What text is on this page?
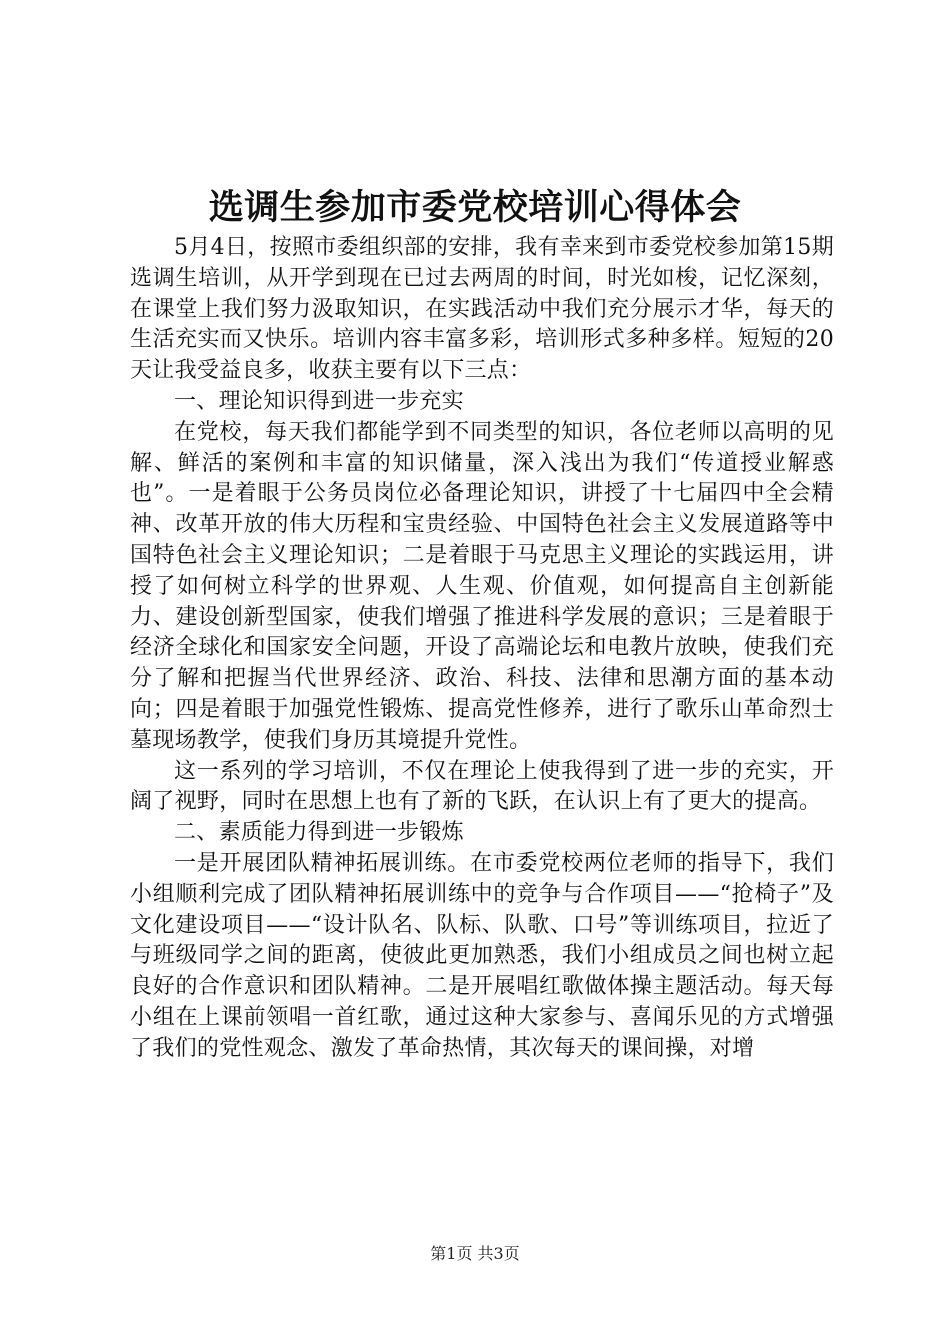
选调生参加市委党校培训心得体会

5月4日，按照市委组织部的安排，我有幸来到市委党校参加第15期选调生培训，从开学到现在已过去两周的时间，时光如梭，记忆深刻，在课堂上我们努力汲取知识，在实践活动中我们充分展示才华，每天的生活充实而又快乐。培训内容丰富多彩，培训形式多种多样。短短的20天让我受益良多，收获主要有以下三点：

一、理论知识得到进一步充实

在党校，每天我们都能学到不同类型的知识，各位老师以高明的见解、鲜活的案例和丰富的知识储量，深入浅出为我们“传道授业解惑也”。一是着眼于公务员岗位必备理论知识，讲授了十七届四中全会精神、改革开放的伟大历程和宝贵经验、中国特色社会主义发展道路等中国特色社会主义理论知识；二是着眼于马克思主义理论的实践运用，讲授了如何树立科学的世界观、人生观、价值观，如何提高自主创新能力、建设创新型国家，使我们增强了推进科学发展的意识；三是着眼于经济全球化和国家安全问题，开设了高端论坛和电教片放映，使我们充分了解和把握当代世界经济、政治、科技、法律和思潮方面的基本动向；四是着眼于加强党性锻炼、提高党性修养，进行了歌乐山革命烈士墓现场教学，使我们身历其境提升党性。

这一系列的学习培训，不仅在理论上使我得到了进一步的充实，开阔了视野，同时在思想上也有了新的飞跃，在认识上有了更大的提高。

二、素质能力得到进一步锻炼

一是开展团队精神拓展训练。在市委党校两位老师的指导下，我们小组顺利完成了团队精神拓展训练中的竞争与合作项目——“抢椅子”及文化建设项目——“设计队名、队标、队歌、口号”等训练项目，拉近了与班级同学之间的距离，使彼此更加熟悉，我们小组成员之间也树立起良好的合作意识和团队精神。二是开展唱红歌做体操主题活动。每天每小组在上课前领唱一首红歌，通过这种大家参与、喜闻乐见的方式增强了我们的党性观念、激发了革命热情，其次每天的课间操，对增

第1页 共3页
